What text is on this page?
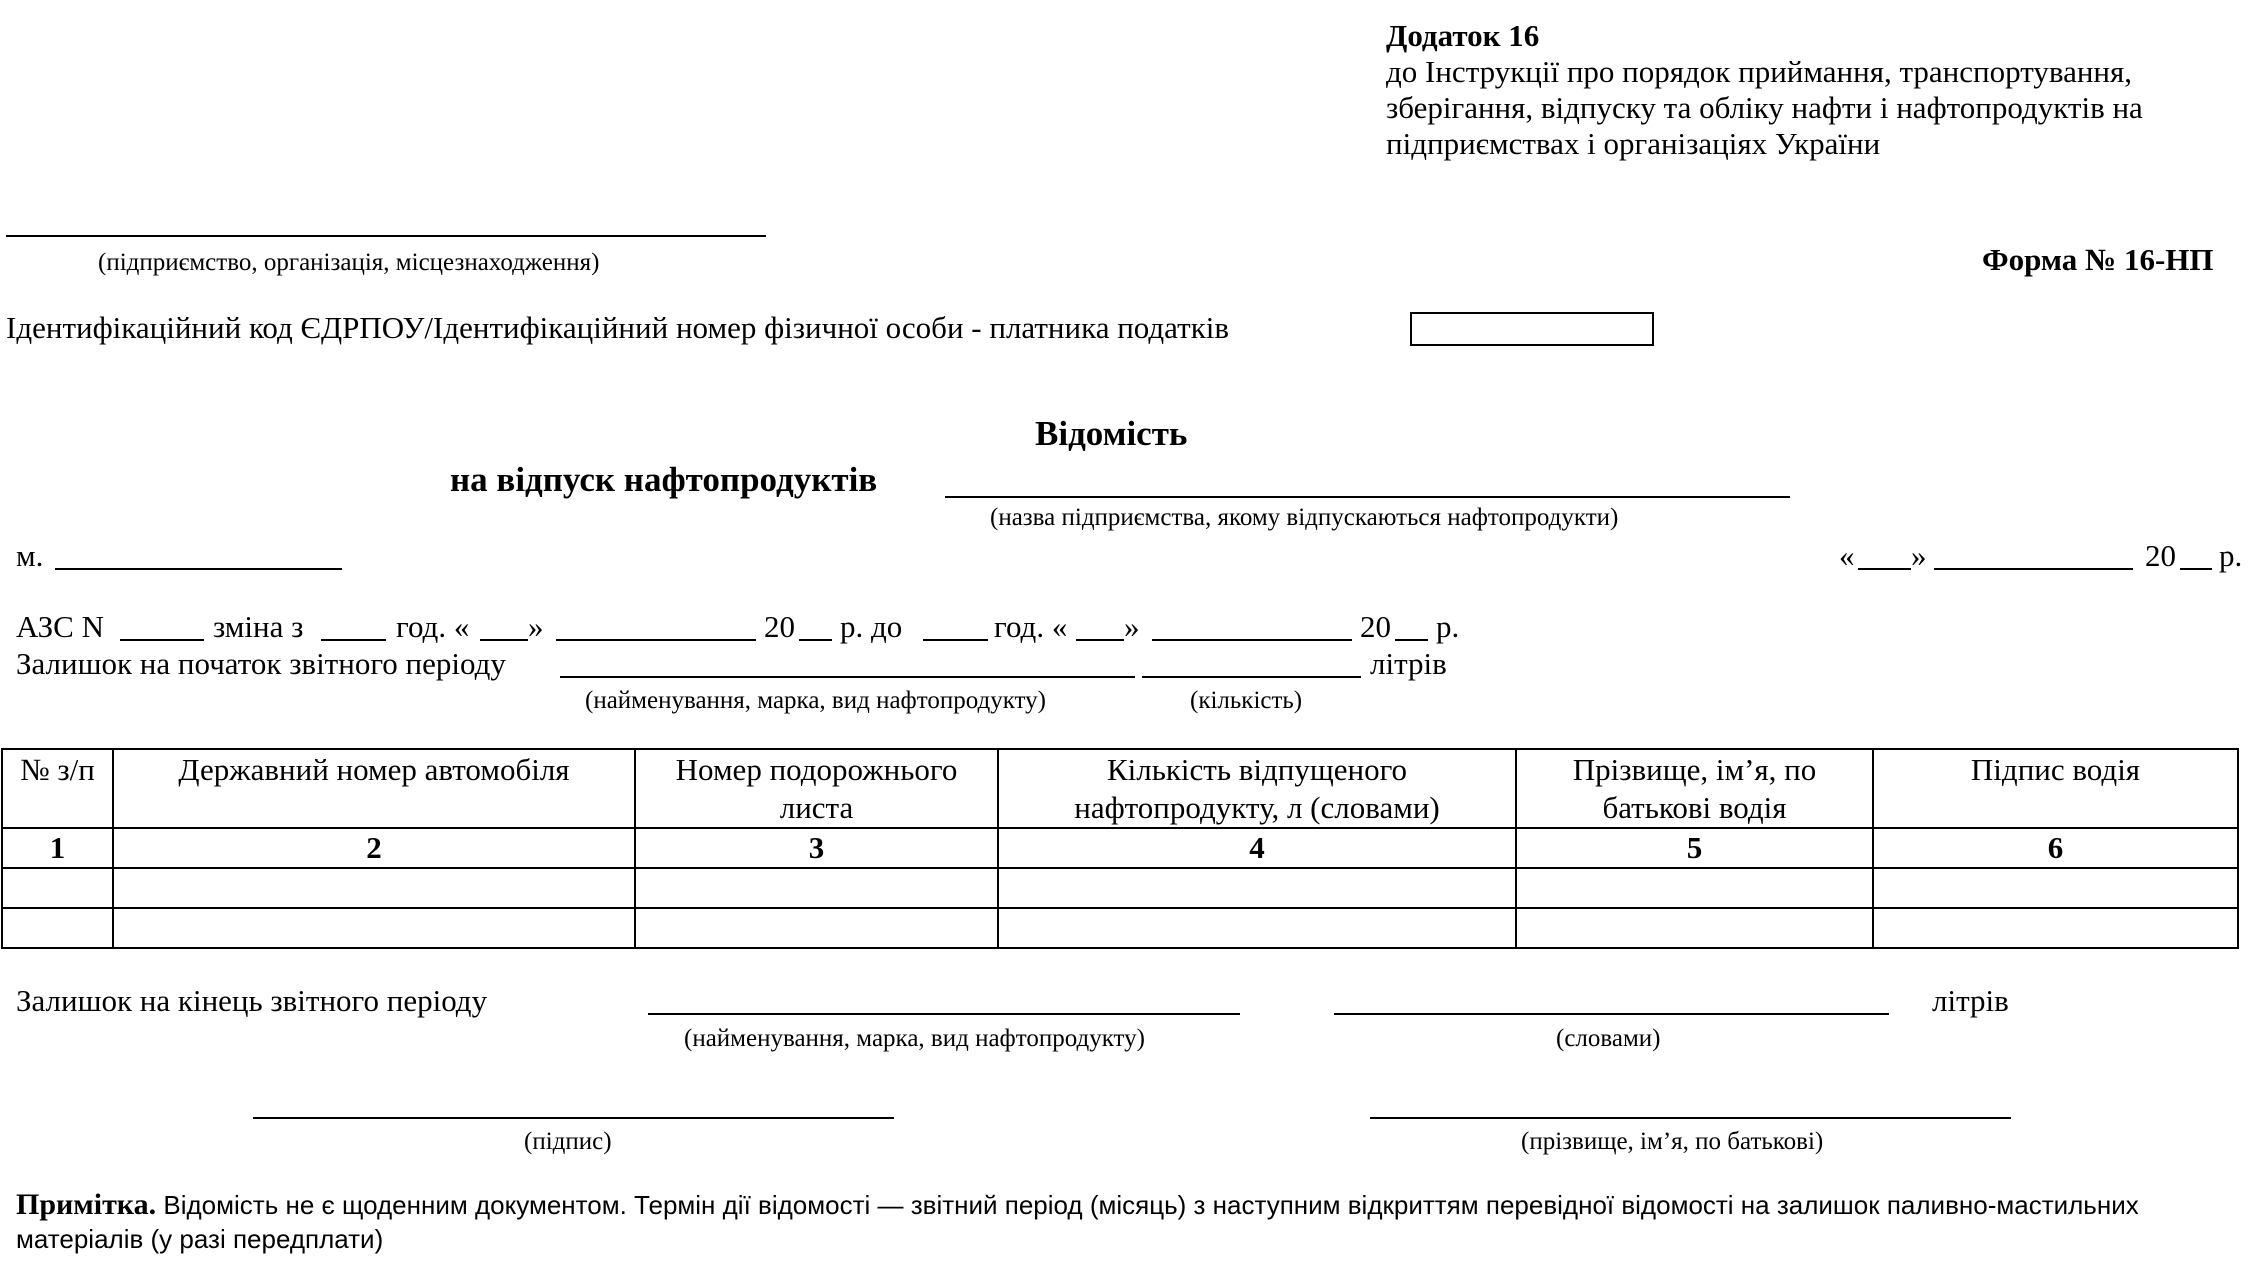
Додаток 16
до Інструкції про порядок приймання, транспортування,
зберігання, відпуску та обліку нафти і нафтопродуктів на
підприємствах і організаціях України
(підприємство, організація, місцезнаходження)	Форма № 16-НП
Ідентифікаційний код ЄДРПОУ/Ідентифікаційний номер фізичної особи - платника податків
Відомість
на відпуск нафтопродуктів
(назва підприємства, якому відпускаються нафтопродукти)
м.	« »	20 р.
АЗС N	зміна з	год. « »	20 р. до	год. « »	20 р.
Залишок на початок звітного періоду	літрів
(найменування, марка, вид нафтопродукту)	(кількість)
№ з/п	Державний номер автомобіля	Номер подорожнього листа	Кількість відпущеного нафтопродукту, л (словами)	Прізвище, ім’я, по батькові водія	Підпис водія
1	2	3	4	5	6

Залишок на кінець звітного періоду	літрів
(найменування, марка, вид нафтопродукту)	(словами)
(підпис)	(прізвище, ім’я, по батькові)
Примітка. Відомість не є щоденним документом. Термін дії відомості — звітний період (місяць) з наступним відкриттям перевідної відомості на залишок паливно-мастильних матеріалів (у разі передплати)
